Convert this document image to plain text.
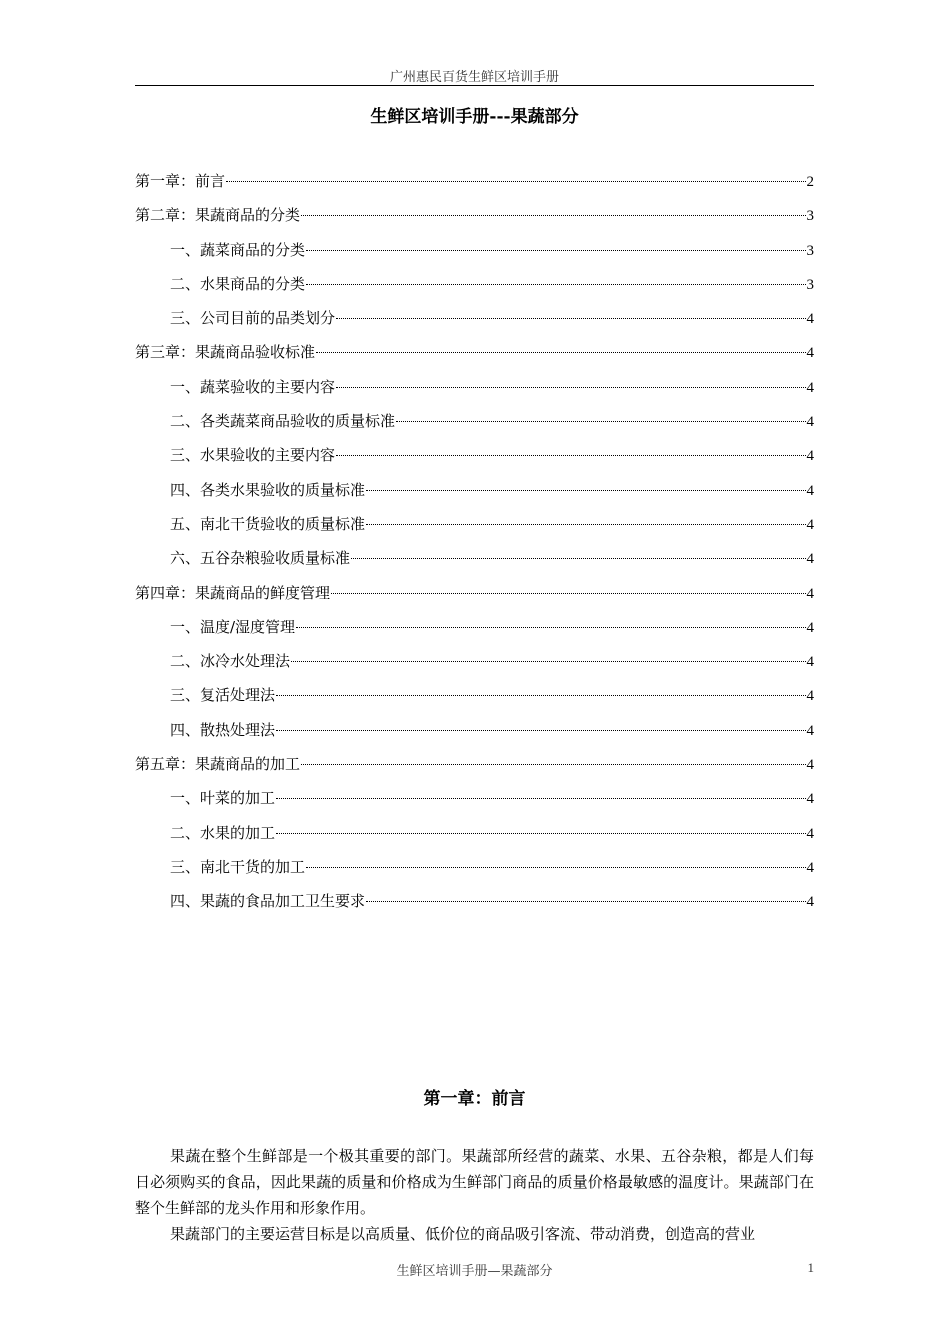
广州惠民百货生鲜区培训手册
生鲜区培训手册---果蔬部分
第一章：前言	2
第二章：果蔬商品的分类	3
一、蔬菜商品的分类	3
二、水果商品的分类	3
三、公司目前的品类划分	4
第三章：果蔬商品验收标准	4
一、蔬菜验收的主要内容	4
二、各类蔬菜商品验收的质量标准	4
三、水果验收的主要内容	4
四、各类水果验收的质量标准	4
五、南北干货验收的质量标准	4
六、五谷杂粮验收质量标准	4
第四章：果蔬商品的鲜度管理	4
一、温度/湿度管理	4
二、冰冷水处理法	4
三、复活处理法	4
四、散热处理法	4
第五章：果蔬商品的加工	4
一、叶菜的加工	4
二、水果的加工	4
三、南北干货的加工	4
四、果蔬的食品加工卫生要求	4
第一章：前言

果蔬在整个生鲜部是一个极其重要的部门。果蔬部所经营的蔬菜、水果、五谷杂粮，都是人们每日必须购买的食品，因此果蔬的质量和价格成为生鲜部门商品的质量价格最敏感的温度计。果蔬部门在整个生鲜部的龙头作用和形象作用。

果蔬部门的主要运营目标是以高质量、低价位的商品吸引客流、带动消费，创造高的营业

生鲜区培训手册—果蔬部分	1
